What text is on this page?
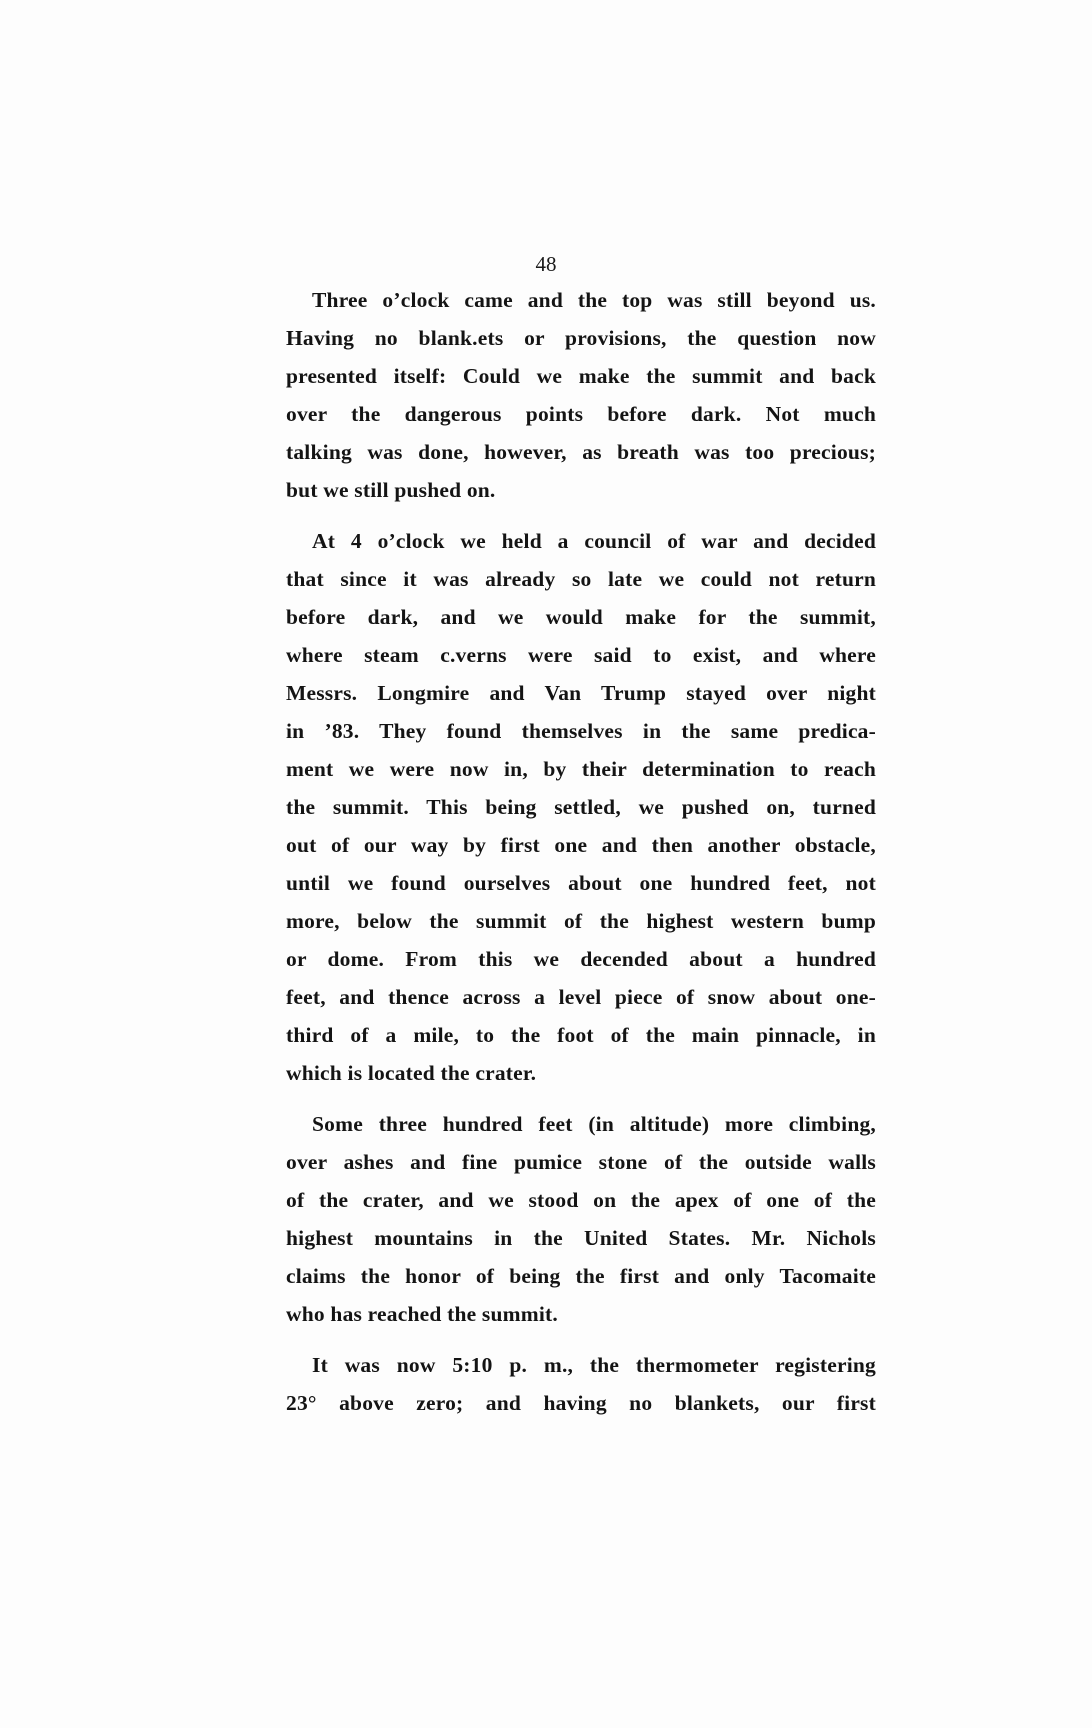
48
Three o’clock came and the top was still beyond us.
Having no blank.ets or provisions, the question now
presented itself: Could we make the summit and back
over the dangerous points before dark. Not much
talking was done, however, as breath was too precious;
but we still pushed on.
At 4 o’clock we held a council of war and decided
that since it was already so late we could not return
before dark, and we would make for the summit,
where steam c.verns were said to exist, and where
Messrs. Longmire and Van Trump stayed over night
in ’83. They found themselves in the same predica-
ment we were now in, by their determination to reach
the summit. This being settled, we pushed on, turned
out of our way by first one and then another obstacle,
until we found ourselves about one hundred feet, not
more, below the summit of the highest western bump
or dome. From this we decended about a hundred
feet, and thence across a level piece of snow about one-
third of a mile, to the foot of the main pinnacle, in
which is located the crater.
Some three hundred feet (in altitude) more climbing,
over ashes and fine pumice stone of the outside walls
of the crater, and we stood on the apex of one of the
highest mountains in the United States. Mr. Nichols
claims the honor of being the first and only Tacomaite
who has reached the summit.
It was now 5:10 p. m., the thermometer registering
23° above zero; and having no blankets, our first
